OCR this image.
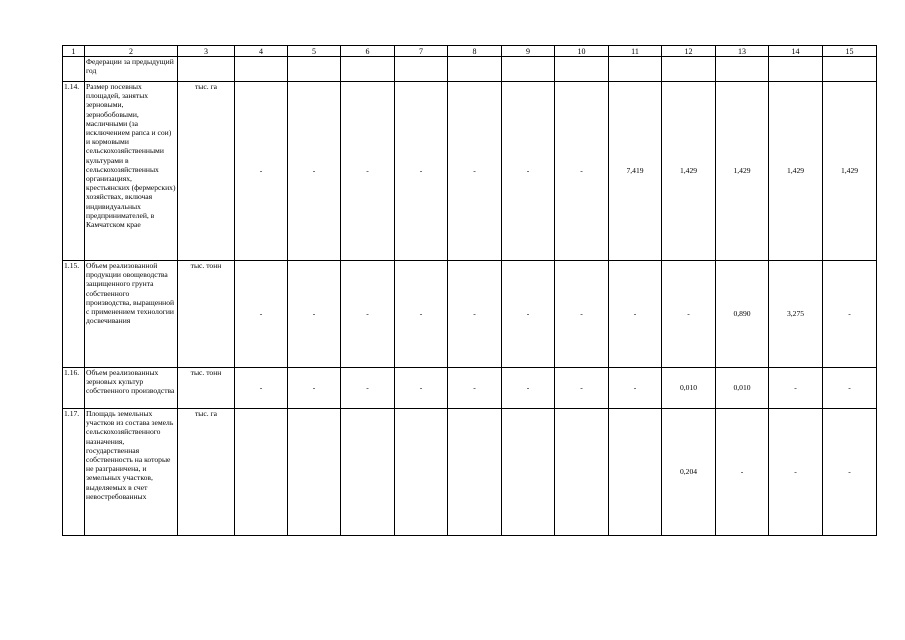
1	2	3	4	5	6	7	8	9	10	11	12	13	14	15
	Федерации за предыдущий год													
1.14.	Размер посевных площадей, занятых зерновыми, зернобобовыми, масличными (за исключением рапса и сои) и кормовыми сельскохозяйственными культурами в сельскохозяйственных организациях, крестьянских (фермерских) хозяйствах, включая индивидуальных предпринимателей, в Камчатском крае	тыс. га	-	-	-	-	-	-	-	7,419	1,429	1,429	1,429	1,429
1.15.	Объем реализованной продукции овощеводства защищенного грунта собственного производства, выращенной с применением технологии досвечивания	тыс. тонн	-	-	-	-	-	-	-	-	-	0,890	3,275	-
1.16.	Объем реализованных зерновых культур собственного производства	тыс. тонн	-	-	-	-	-	-	-	-	0,010	0,010	-	-
1.17.	Площадь земельных участков из состава земель сельскохозяйственного назначения, государственная собственность на которые не разграничена, и земельных участков, выделяемых в счет невостребованных	тыс. га									0,204	-	-	-
